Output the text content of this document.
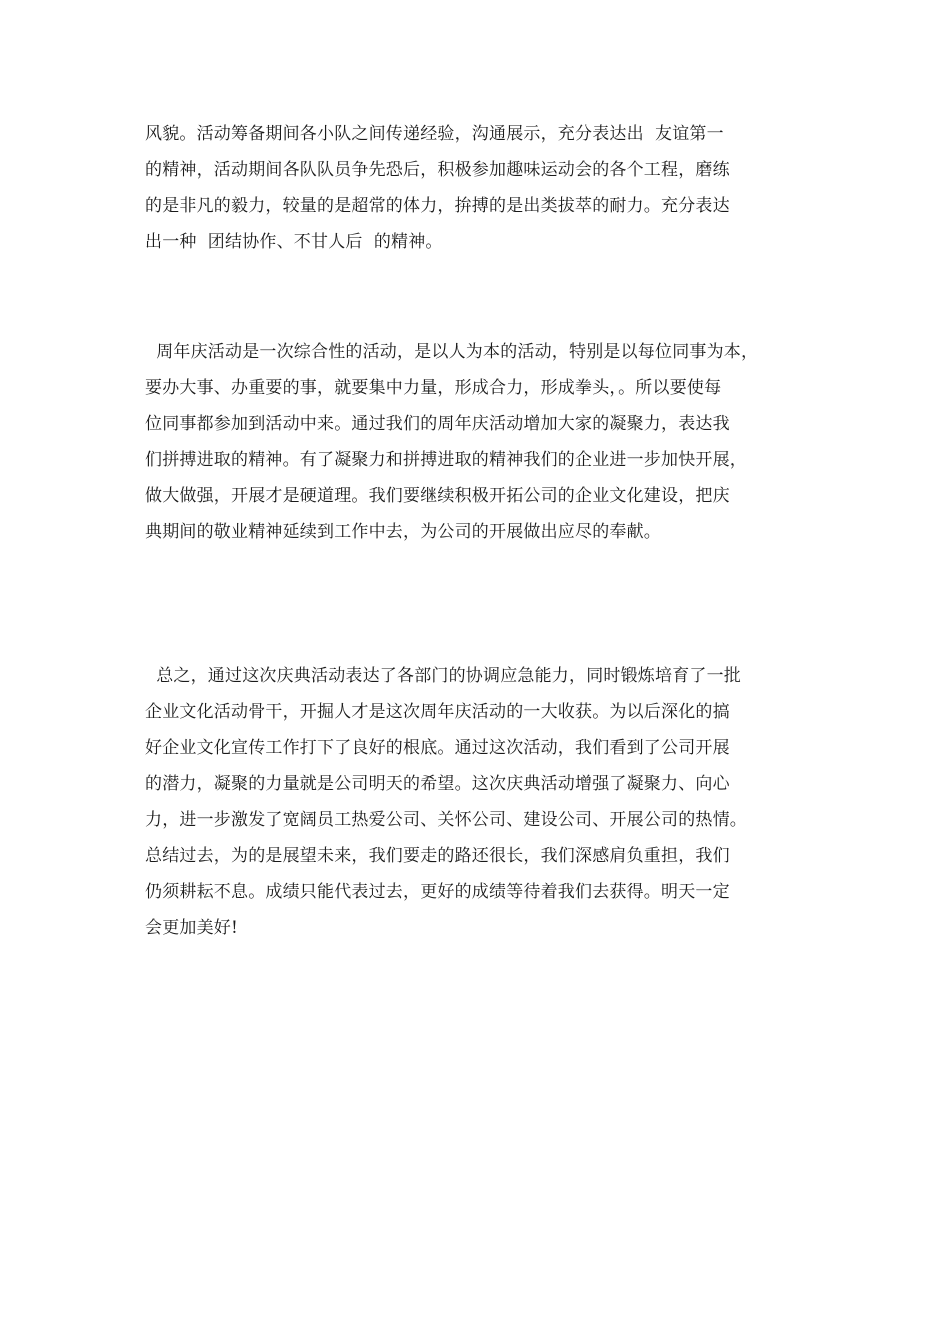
风貌。活动筹备期间各小队之间传递经验，沟通展示，充分表达出  友谊第一
的精神，活动期间各队队员争先恐后，积极参加趣味运动会的各个工程，磨练
的是非凡的毅力，较量的是超常的体力，拚搏的是出类拔萃的耐力。充分表达
出一种  团结协作、不甘人后  的精神。
周年庆活动是一次综合性的活动，是以人为本的活动，特别是以每位同事为本，
要办大事、办重要的事，就要集中力量，形成合力，形成拳头，。所以要使每
位同事都参加到活动中来。通过我们的周年庆活动增加大家的凝聚力，表达我
们拼搏进取的精神。有了凝聚力和拼搏进取的精神我们的企业进一步加快开展，
做大做强，开展才是硬道理。我们要继续积极开拓公司的企业文化建设，把庆
典期间的敬业精神延续到工作中去，为公司的开展做出应尽的奉献。
总之，通过这次庆典活动表达了各部门的协调应急能力，同时锻炼培育了一批
企业文化活动骨干，开掘人才是这次周年庆活动的一大收获。为以后深化的搞
好企业文化宣传工作打下了良好的根底。通过这次活动，我们看到了公司开展
的潜力，凝聚的力量就是公司明天的希望。这次庆典活动增强了凝聚力、向心
力，进一步激发了宽阔员工热爱公司、关怀公司、建设公司、开展公司的热情。
总结过去，为的是展望未来，我们要走的路还很长，我们深感肩负重担，我们
仍须耕耘不息。成绩只能代表过去，更好的成绩等待着我们去获得。明天一定
会更加美好!
